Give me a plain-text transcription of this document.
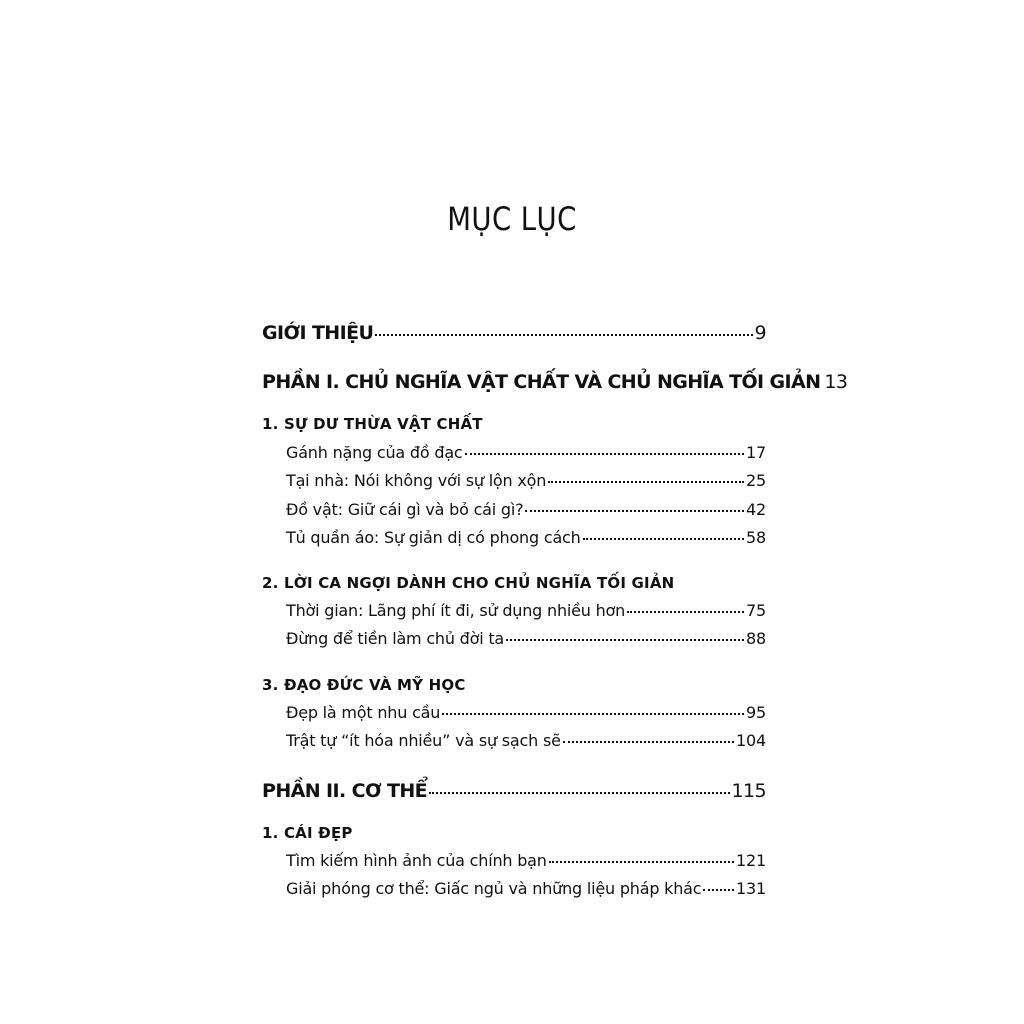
MỤC LỤC
GIỚI THIỆU	9
PHẦN I. CHỦ NGHĨA VẬT CHẤT VÀ CHỦ NGHĨA TỐI GIẢN 13
1. SỰ DƯ THỪA VẬT CHẤT
Gánh nặng của đồ đạc	17
Tại nhà: Nói không với sự lộn xộn	25
Đồ vật: Giữ cái gì và bỏ cái gì?	42
Tủ quần áo: Sự giản dị có phong cách	58
2. LỜI CA NGỢI DÀNH CHO CHỦ NGHĨA TỐI GIẢN
Thời gian: Lãng phí ít đi, sử dụng nhiều hơn	75
Đừng để tiền làm chủ đời ta	88
3. ĐẠO ĐỨC VÀ MỸ HỌC
Đẹp là một nhu cầu	95
Trật tự “ít hóa nhiều” và sự sạch sẽ	104
PHẦN II. CƠ THỂ	115
1. CÁI ĐẸP
Tìm kiếm hình ảnh của chính bạn	121
Giải phóng cơ thể: Giấc ngủ và những liệu pháp khác 131
